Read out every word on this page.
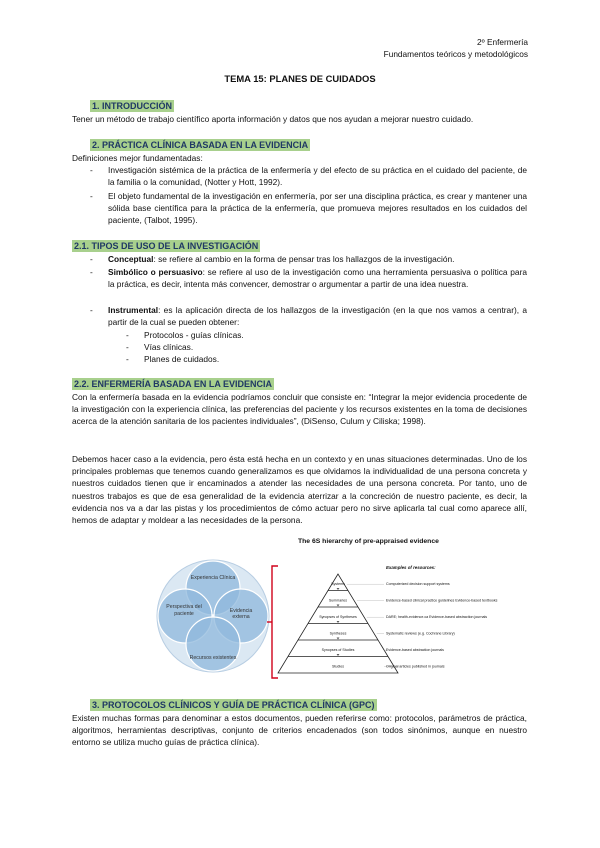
2º Enfermería
Fundamentos teóricos y metodológicos
TEMA 15: PLANES DE CUIDADOS
1. INTRODUCCIÓN
Tener un método de trabajo científico aporta información y datos que nos ayudan a mejorar nuestro cuidado.
2. PRÁCTICA CLÍNICA BASADA EN LA EVIDENCIA
Definiciones mejor fundamentadas:
- Investigación sistémica de la práctica de la enfermería y del efecto de su práctica en el cuidado del paciente, de la familia o la comunidad, (Notter y Hott, 1992).
- El objeto fundamental de la investigación en enfermería, por ser una disciplina práctica, es crear y mantener una sólida base científica para la práctica de la enfermería, que promueva mejores resultados en los cuidados del paciente, (Talbot, 1995).
2.1. TIPOS DE USO DE LA INVESTIGACIÓN
- Conceptual: se refiere al cambio en la forma de pensar tras los hallazgos de la investigación.
- Simbólico o persuasivo: se refiere al uso de la investigación como una herramienta persuasiva o política para la práctica, es decir, intenta más convencer, demostrar o argumentar a partir de una idea nuestra.
- Instrumental: es la aplicación directa de los hallazgos de la investigación (en la que nos vamos a centrar), a partir de la cual se pueden obtener:
- Protocolos - guías clínicas.
- Vías clínicas.
- Planes de cuidados.
2.2. ENFERMERÍA BASADA EN LA EVIDENCIA
Con la enfermería basada en la evidencia podríamos concluir que consiste en: “Integrar la mejor evidencia procedente de la investigación con la experiencia clínica, las preferencias del paciente y los recursos existentes en la toma de decisiones acerca de la atención sanitaria de los pacientes individuales”, (DiSenso, Culum y Ciliska; 1998).
Debemos hacer caso a la evidencia, pero ésta está hecha en un contexto y en unas situaciones determinadas. Uno de los principales problemas que tenemos cuando generalizamos es que olvidamos la individualidad de una persona concreta y nuestros cuidados tienen que ir encaminados a atender las necesidades de una persona concreta. Por tanto, uno de nuestros trabajos es que de esa generalidad de la evidencia aterrizar a la concreción de nuestro paciente, es decir, la evidencia nos va a dar las pistas y los procedimientos de cómo actuar pero no sirve aplicarla tal cual como aparece allí, hemos de adaptar y moldear a las necesidades de la persona.
The 6S hierarchy of pre-appraised evidence
Experiencia Clínica
Perspectiva del paciente
Recursos existentes
Evidencia externa
Examples of resources:
Systems
Summaries
Synopses of Syntheses
Syntheses
Synopses of Studies
Studies
Computerized decision support systems
Evidence-based clinical practice guidelines Evidence-based textbooks
DARE; health-evidence.ca Evidence-based abstraction journals
Systematic reviews (e.g. Cochrane Library)
Evidence-based abstraction journals
Original articles published in journals
3. PROTOCOLOS CLÍNICOS Y GUÍA DE PRÁCTICA CLÍNICA (GPC)
Existen muchas formas para denominar a estos documentos, pueden referirse como: protocolos, parámetros de práctica, algoritmos, herramientas descriptivas, conjunto de criterios encadenados (son todos sinónimos, aunque en nuestro entorno se utiliza mucho guías de práctica clínica).
